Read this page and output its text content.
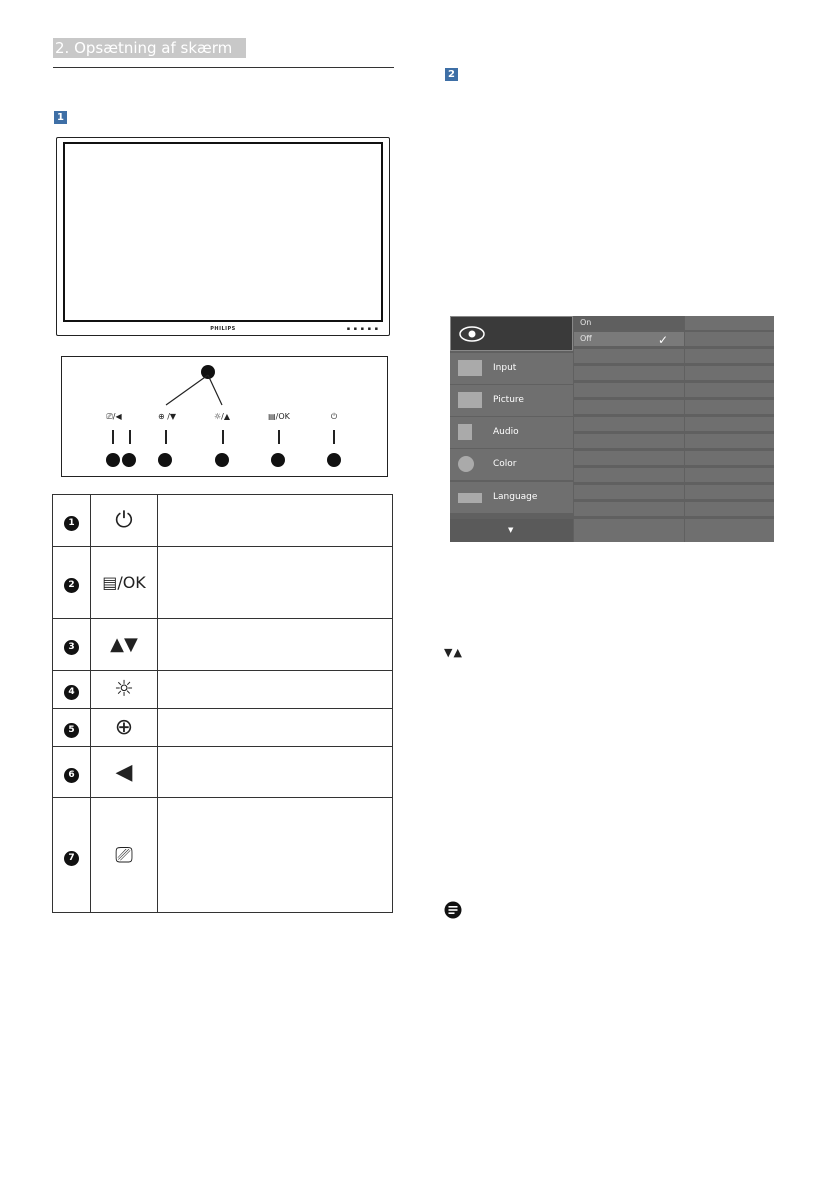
2. Opsætning af skærm
1
PHILIPS	▪ ▪ ▪ ▪ ▪
⎚/◀	⊕ /▼	☼/▲	▤/OK	⏻
1	⏻	
2	▤/OK	
3	▲▼	
4	☼	
5	⊕	
6	◀	
7	⎚	
2
Input
Picture
Audio
Color
Language
▼
On
Off	✓
▼▲
